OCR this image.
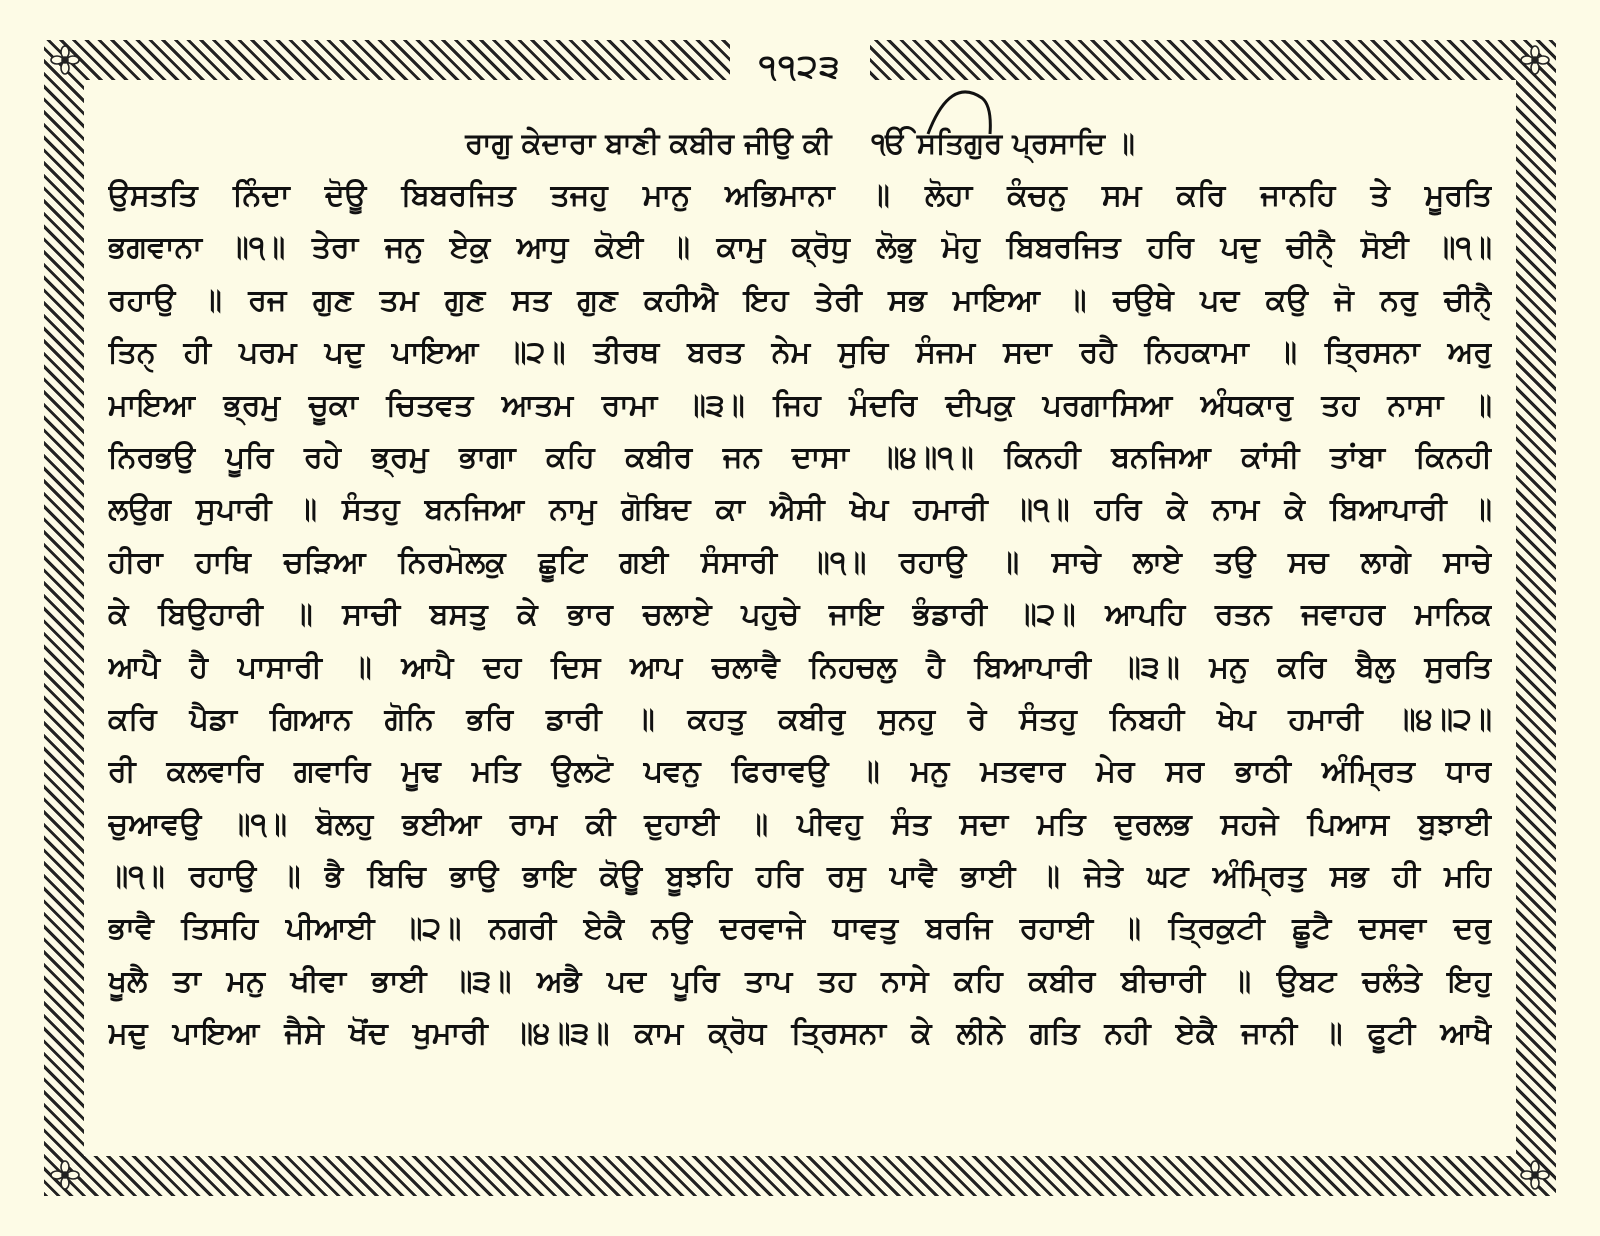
੧੧੨੩
ਰਾਗੁ ਕੇਦਾਰਾ ਬਾਣੀ ਕਬੀਰ ਜੀਉ ਕੀ ੴ ਸਤਿਗੁਰ ਪ੍ਰਸਾਦਿ ॥
ਉਸਤਤਿ ਨਿੰਦਾ ਦੋਊ ਬਿਬਰਜਿਤ ਤਜਹੁ ਮਾਨੁ ਅਭਿਮਾਨਾ ॥ ਲੋਹਾ ਕੰਚਨੁ ਸਮ ਕਰਿ ਜਾਨਹਿ ਤੇ ਮੂਰਤਿ
ਭਗਵਾਨਾ ॥੧॥ ਤੇਰਾ ਜਨੁ ਏਕੁ ਆਧੁ ਕੋਈ ॥ ਕਾਮੁ ਕ੍ਰੋਧੁ ਲੋਭੁ ਮੋਹੁ ਬਿਬਰਜਿਤ ਹਰਿ ਪਦੁ ਚੀਨੑੈ ਸੋਈ ॥੧॥
ਰਹਾਉ ॥ ਰਜ ਗੁਣ ਤਮ ਗੁਣ ਸਤ ਗੁਣ ਕਹੀਐ ਇਹ ਤੇਰੀ ਸਭ ਮਾਇਆ ॥ ਚਉਥੇ ਪਦ ਕਉ ਜੋ ਨਰੁ ਚੀਨੑੈ
ਤਿਨੑ ਹੀ ਪਰਮ ਪਦੁ ਪਾਇਆ ॥੨॥ ਤੀਰਥ ਬਰਤ ਨੇਮ ਸੁਚਿ ਸੰਜਮ ਸਦਾ ਰਹੈ ਨਿਹਕਾਮਾ ॥ ਤ੍ਰਿਸਨਾ ਅਰੁ
ਮਾਇਆ ਭ੍ਰਮੁ ਚੂਕਾ ਚਿਤਵਤ ਆਤਮ ਰਾਮਾ ॥੩॥ ਜਿਹ ਮੰਦਰਿ ਦੀਪਕੁ ਪਰਗਾਸਿਆ ਅੰਧਕਾਰੁ ਤਹ ਨਾਸਾ ॥
ਨਿਰਭਉ ਪੂਰਿ ਰਹੇ ਭ੍ਰਮੁ ਭਾਗਾ ਕਹਿ ਕਬੀਰ ਜਨ ਦਾਸਾ ॥੪॥੧॥ ਕਿਨਹੀ ਬਨਜਿਆ ਕਾਂਸੀ ਤਾਂਬਾ ਕਿਨਹੀ
ਲਉਗ ਸੁਪਾਰੀ ॥ ਸੰਤਹੁ ਬਨਜਿਆ ਨਾਮੁ ਗੋਬਿਦ ਕਾ ਐਸੀ ਖੇਪ ਹਮਾਰੀ ॥੧॥ ਹਰਿ ਕੇ ਨਾਮ ਕੇ ਬਿਆਪਾਰੀ ॥
ਹੀਰਾ ਹਾਥਿ ਚੜਿਆ ਨਿਰਮੋਲਕੁ ਛੂਟਿ ਗਈ ਸੰਸਾਰੀ ॥੧॥ ਰਹਾਉ ॥ ਸਾਚੇ ਲਾਏ ਤਉ ਸਚ ਲਾਗੇ ਸਾਚੇ
ਕੇ ਬਿਉਹਾਰੀ ॥ ਸਾਚੀ ਬਸਤੁ ਕੇ ਭਾਰ ਚਲਾਏ ਪਹੁਚੇ ਜਾਇ ਭੰਡਾਰੀ ॥੨॥ ਆਪਹਿ ਰਤਨ ਜਵਾਹਰ ਮਾਨਿਕ
ਆਪੈ ਹੈ ਪਾਸਾਰੀ ॥ ਆਪੈ ਦਹ ਦਿਸ ਆਪ ਚਲਾਵੈ ਨਿਹਚਲੁ ਹੈ ਬਿਆਪਾਰੀ ॥੩॥ ਮਨੁ ਕਰਿ ਬੈਲੁ ਸੁਰਤਿ
ਕਰਿ ਪੈਡਾ ਗਿਆਨ ਗੋਨਿ ਭਰਿ ਡਾਰੀ ॥ ਕਹਤੁ ਕਬੀਰੁ ਸੁਨਹੁ ਰੇ ਸੰਤਹੁ ਨਿਬਹੀ ਖੇਪ ਹਮਾਰੀ ॥੪॥੨॥
ਰੀ ਕਲਵਾਰਿ ਗਵਾਰਿ ਮੂਢ ਮਤਿ ਉਲਟੋ ਪਵਨੁ ਫਿਰਾਵਉ ॥ ਮਨੁ ਮਤਵਾਰ ਮੇਰ ਸਰ ਭਾਠੀ ਅੰਮ੍ਰਿਤ ਧਾਰ
ਚੁਆਵਉ ॥੧॥ ਬੋਲਹੁ ਭਈਆ ਰਾਮ ਕੀ ਦੁਹਾਈ ॥ ਪੀਵਹੁ ਸੰਤ ਸਦਾ ਮਤਿ ਦੁਰਲਭ ਸਹਜੇ ਪਿਆਸ ਬੁਝਾਈ
॥੧॥ ਰਹਾਉ ॥ ਭੈ ਬਿਚਿ ਭਾਉ ਭਾਇ ਕੋਊ ਬੂਝਹਿ ਹਰਿ ਰਸੁ ਪਾਵੈ ਭਾਈ ॥ ਜੇਤੇ ਘਟ ਅੰਮ੍ਰਿਤੁ ਸਭ ਹੀ ਮਹਿ
ਭਾਵੈ ਤਿਸਹਿ ਪੀਆਈ ॥੨॥ ਨਗਰੀ ਏਕੈ ਨਉ ਦਰਵਾਜੇ ਧਾਵਤੁ ਬਰਜਿ ਰਹਾਈ ॥ ਤ੍ਰਿਕੁਟੀ ਛੂਟੈ ਦਸਵਾ ਦਰੁ
ਖੂਲੈ ਤਾ ਮਨੁ ਖੀਵਾ ਭਾਈ ॥੩॥ ਅਭੈ ਪਦ ਪੂਰਿ ਤਾਪ ਤਹ ਨਾਸੇ ਕਹਿ ਕਬੀਰ ਬੀਚਾਰੀ ॥ ਉਬਟ ਚਲੰਤੇ ਇਹੁ
ਮਦੁ ਪਾਇਆ ਜੈਸੇ ਖੋਂਦ ਖੁਮਾਰੀ ॥੪॥੩॥ ਕਾਮ ਕ੍ਰੋਧ ਤ੍ਰਿਸਨਾ ਕੇ ਲੀਨੇ ਗਤਿ ਨਹੀ ਏਕੈ ਜਾਨੀ ॥ ਫੂਟੀ ਆਖੈ
